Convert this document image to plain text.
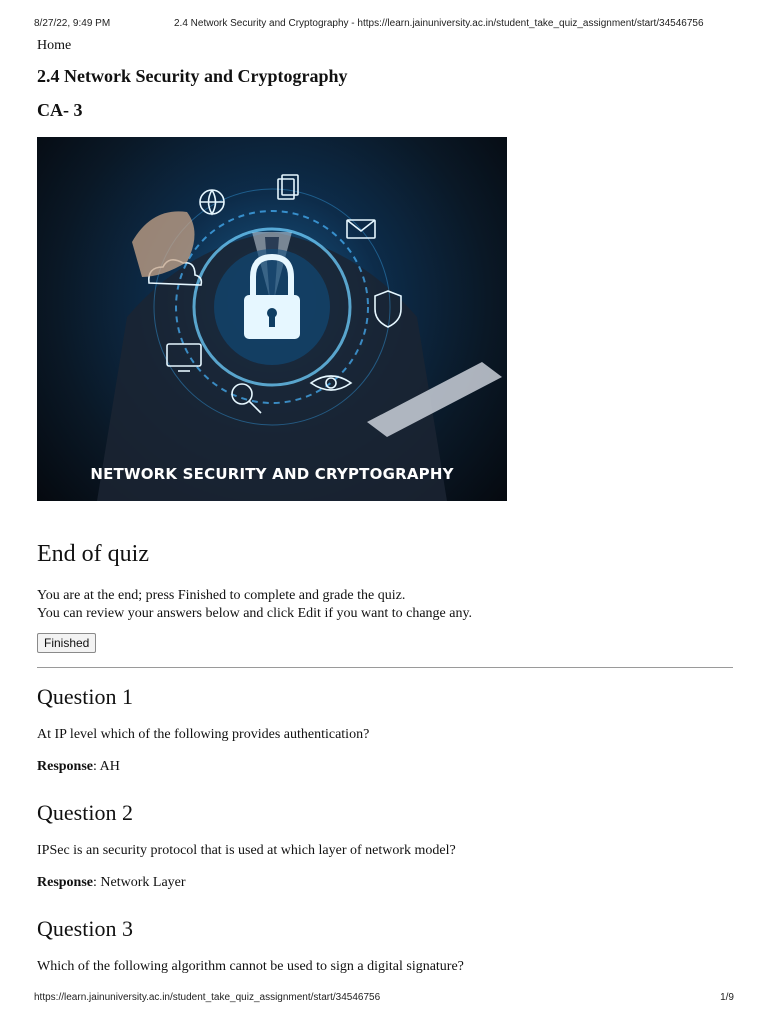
8/27/22, 9:49 PM	2.4 Network Security and Cryptography - https://learn.jainuniversity.ac.in/student_take_quiz_assignment/start/34546756

Home

2.4 Network Security and Cryptography
CA- 3
NETWORK SECURITY AND CRYPTOGRAPHY
End of quiz

You are at the end; press Finished to complete and grade the quiz.
You can review your answers below and click Edit if you want to change any.

Finished
Question 1

At IP level which of the following provides authentication?

Response: AH

Question 2

IPSec is an security protocol that is used at which layer of network model?

Response: Network Layer

Question 3

Which of the following algorithm cannot be used to sign a digital signature?

https://learn.jainuniversity.ac.in/student_take_quiz_assignment/start/34546756	1/9
